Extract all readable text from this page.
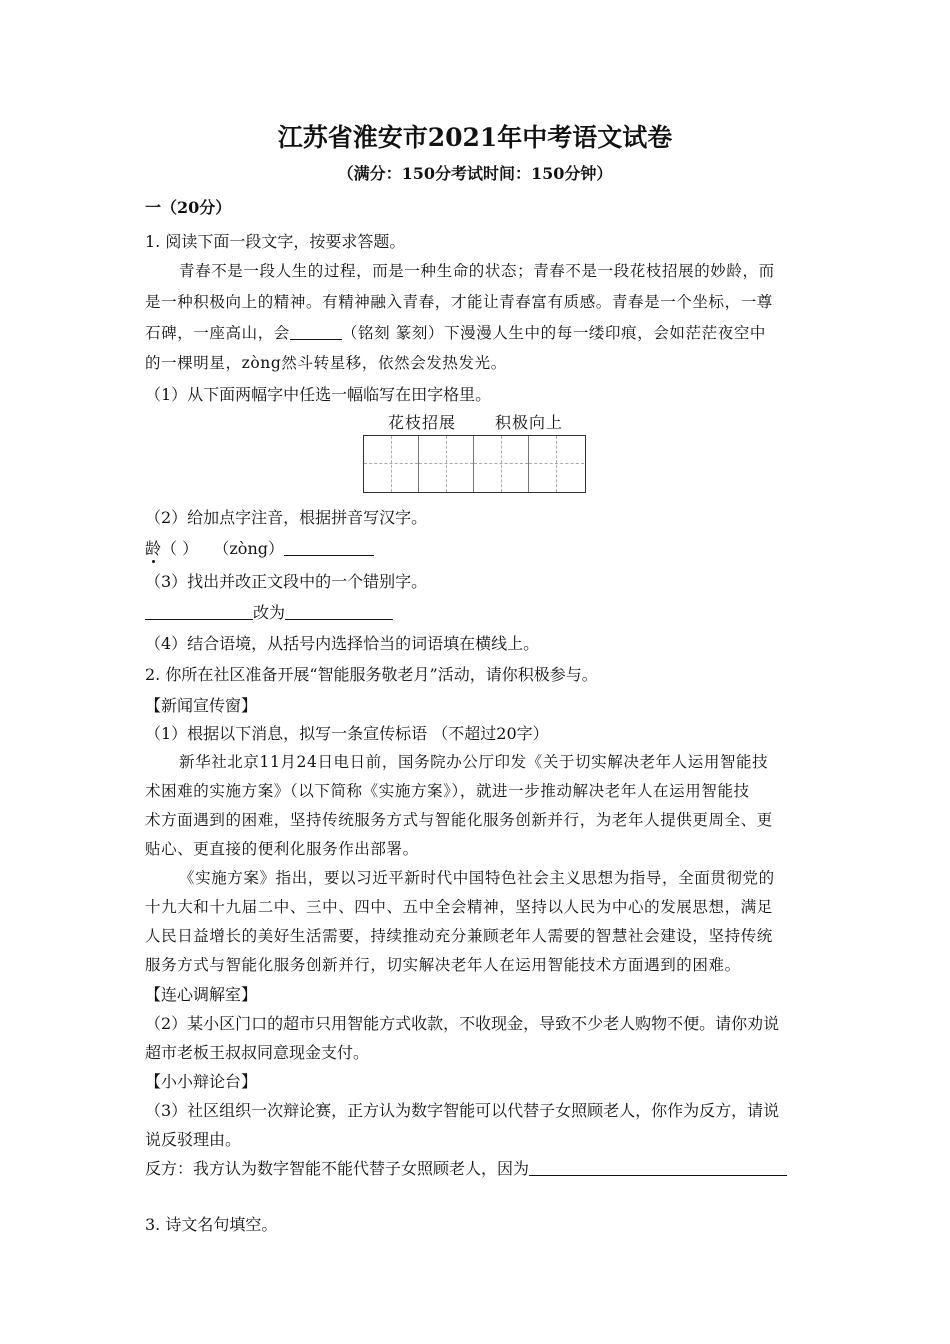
江苏省淮安市2021年中考语文试卷
（满分：150分考试时间：150分钟）
一（20分）
1. 阅读下面一段文字，按要求答题。
青春不是一段人生的过程，而是一种生命的状态；青春不是一段花枝招展的妙龄，而
是一种积极向上的精神。有精神融入青春，才能让青春富有质感。青春是一个坐标，一尊
石碑，一座高山，会	（铭刻 篆刻）下漫漫人生中的每一缕印痕，会如茫茫夜空中
的一棵明星，zòng然斗转星移，依然会发热发光。
（1）从下面两幅字中任选一幅临写在田字格里。
花枝招展 积极向上
（2）给加点字注音，根据拼音写汉字。
龄（ ） （zòng）
（3）找出并改正文段中的一个错别字。
改为
（4）结合语境，从括号内选择恰当的词语填在横线上。
2. 你所在社区准备开展“智能服务敬老月”活动，请你积极参与。
【新闻宣传窗】
（1）根据以下消息，拟写一条宣传标语 （不超过20字）
新华社北京11月24日电日前，国务院办公厅印发《关于切实解决老年人运用智能技
术困难的实施方案》（以下简称《实施方案》），就进一步推动解决老年人在运用智能技
术方面遇到的困难，坚持传统服务方式与智能化服务创新并行，为老年人提供更周全、更
贴心、更直接的便利化服务作出部署。
《实施方案》指出，要以习近平新时代中国特色社会主义思想为指导，全面贯彻党的
十九大和十九届二中、三中、四中、五中全会精神，坚持以人民为中心的发展思想，满足
人民日益增长的美好生活需要，持续推动充分兼顾老年人需要的智慧社会建设，坚持传统
服务方式与智能化服务创新并行，切实解决老年人在运用智能技术方面遇到的困难。
【连心调解室】
（2）某小区门口的超市只用智能方式收款，不收现金，导致不少老人购物不便。请你劝说
超市老板王叔叔同意现金支付。
【小小辩论台】
（3）社区组织一次辩论赛，正方认为数字智能可以代替子女照顾老人，你作为反方，请说
说反驳理由。
反方：我方认为数字智能不能代替子女照顾老人，因为
3. 诗文名句填空。
